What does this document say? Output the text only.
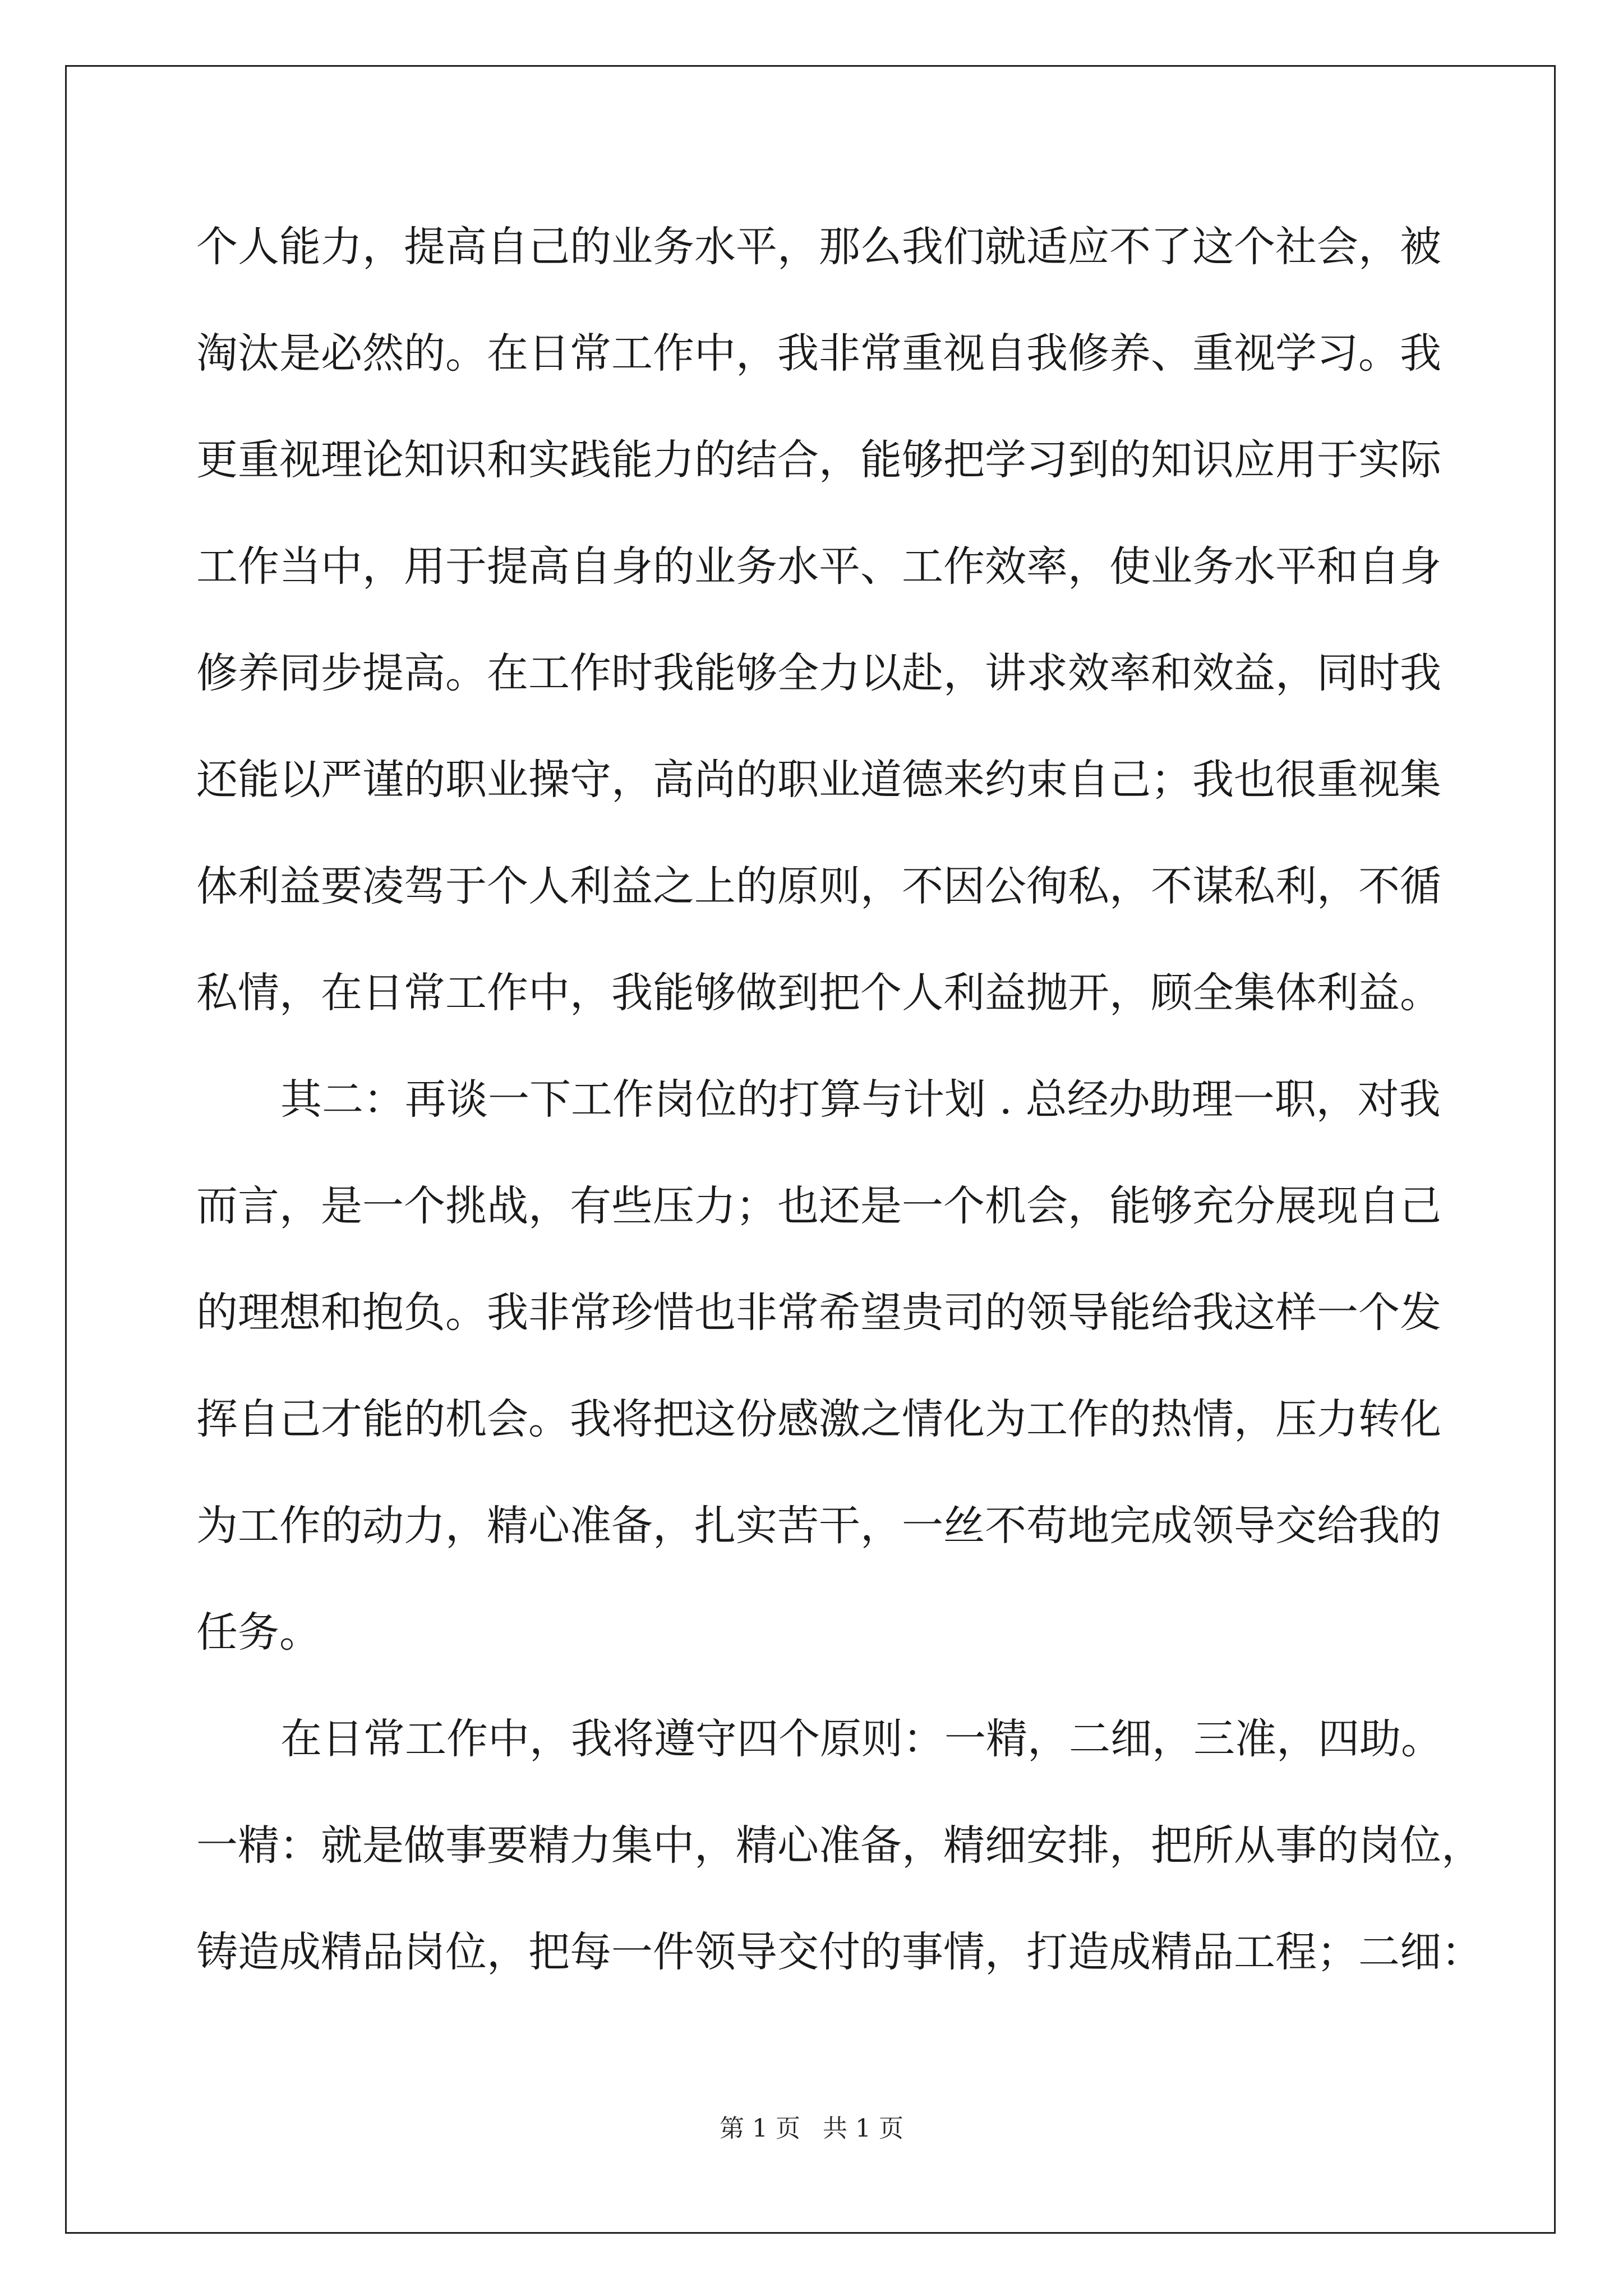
个人能力，提高自己的业务水平，那么我们就适应不了这个社会，被
淘汰是必然的。在日常工作中，我非常重视自我修养、重视学习。我
更重视理论知识和实践能力的结合，能够把学习到的知识应用于实际
工作当中，用于提高自身的业务水平、工作效率，使业务水平和自身
修养同步提高。在工作时我能够全力以赴，讲求效率和效益，同时我
还能以严谨的职业操守，高尚的职业道德来约束自己；我也很重视集
体利益要凌驾于个人利益之上的原则，不因公徇私，不谋私利，不循
私情，在日常工作中，我能够做到把个人利益抛开，顾全集体利益。
其二：再谈一下工作岗位的打算与计划 . 总经办助理一职，对我
而言，是一个挑战，有些压力；也还是一个机会，能够充分展现自己
的理想和抱负。我非常珍惜也非常希望贵司的领导能给我这样一个发
挥自己才能的机会。我将把这份感激之情化为工作的热情，压力转化
为工作的动力，精心准备，扎实苦干，一丝不苟地完成领导交给我的
任务。
在日常工作中，我将遵守四个原则：一精，二细，三准，四助。
一精：就是做事要精力集中，精心准备，精细安排，把所从事的岗位，
铸造成精品岗位，把每一件领导交付的事情，打造成精品工程；二细：
第 1 页 共 1 页
